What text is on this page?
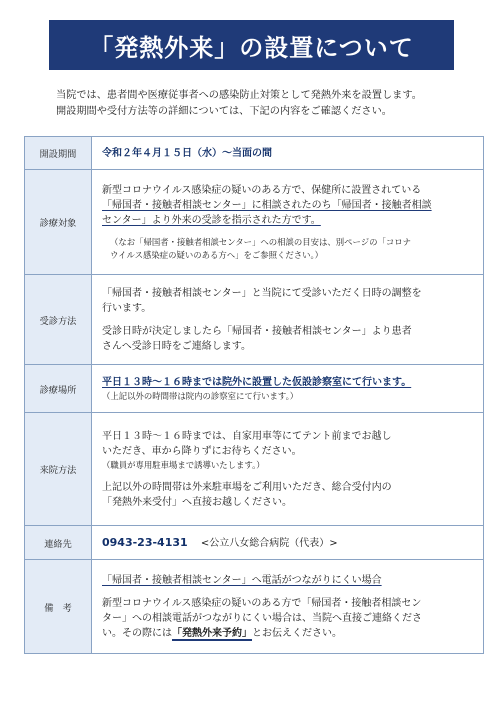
「発熱外来」の設置について

当院では、患者間や医療従事者への感染防止対策として発熱外来を設置します。

開設期間や受付方法等の詳細については、下記の内容をご確認ください。

開設期間	令和２年４月１５日（水）～当面の間
診療対象	新型コロナウイルス感染症の疑いのある方で、保健所に設置されている

「帰国者・接触者相談センター」に相談されたのち「帰国者・接触者相談

センター」より外来の受診を指示された方です。

（なお「帰国者・接触者相談センター」への相談の目安は、別ページの「コロナ

ウイルス感染症の疑いのある方へ」をご参照ください。）

受診方法	「帰国者・接触者相談センター」と当院にて受診いただく日時の調整を

行います。

受診日時が決定しましたら「帰国者・接触者相談センター」より患者

さんへ受診日時をご連絡します。

診療場所	平日１３時～１６時までは院外に設置した仮設診察室にて行います。

（上記以外の時間帯は院内の診察室にて行います。）

来院方法	平日１３時～１６時までは、自家用車等にてテント前までお越し

いただき、車から降りずにお待ちください。

（職員が専用駐車場まで誘導いたします。）

上記以外の時間帯は外来駐車場をご利用いただき、総合受付内の

「発熱外来受付」へ直接お越しください。

連絡先	0943-23-4131 <公立八女総合病院（代表）>
備　考	「帰国者・接触者相談センター」へ電話がつながりにくい場合

新型コロナウイルス感染症の疑いのある方で「帰国者・接触者相談セン

ター」への相談電話がつながりにくい場合は、当院へ直接ご連絡くださ

い。その際には「発熱外来予約」とお伝えください。
